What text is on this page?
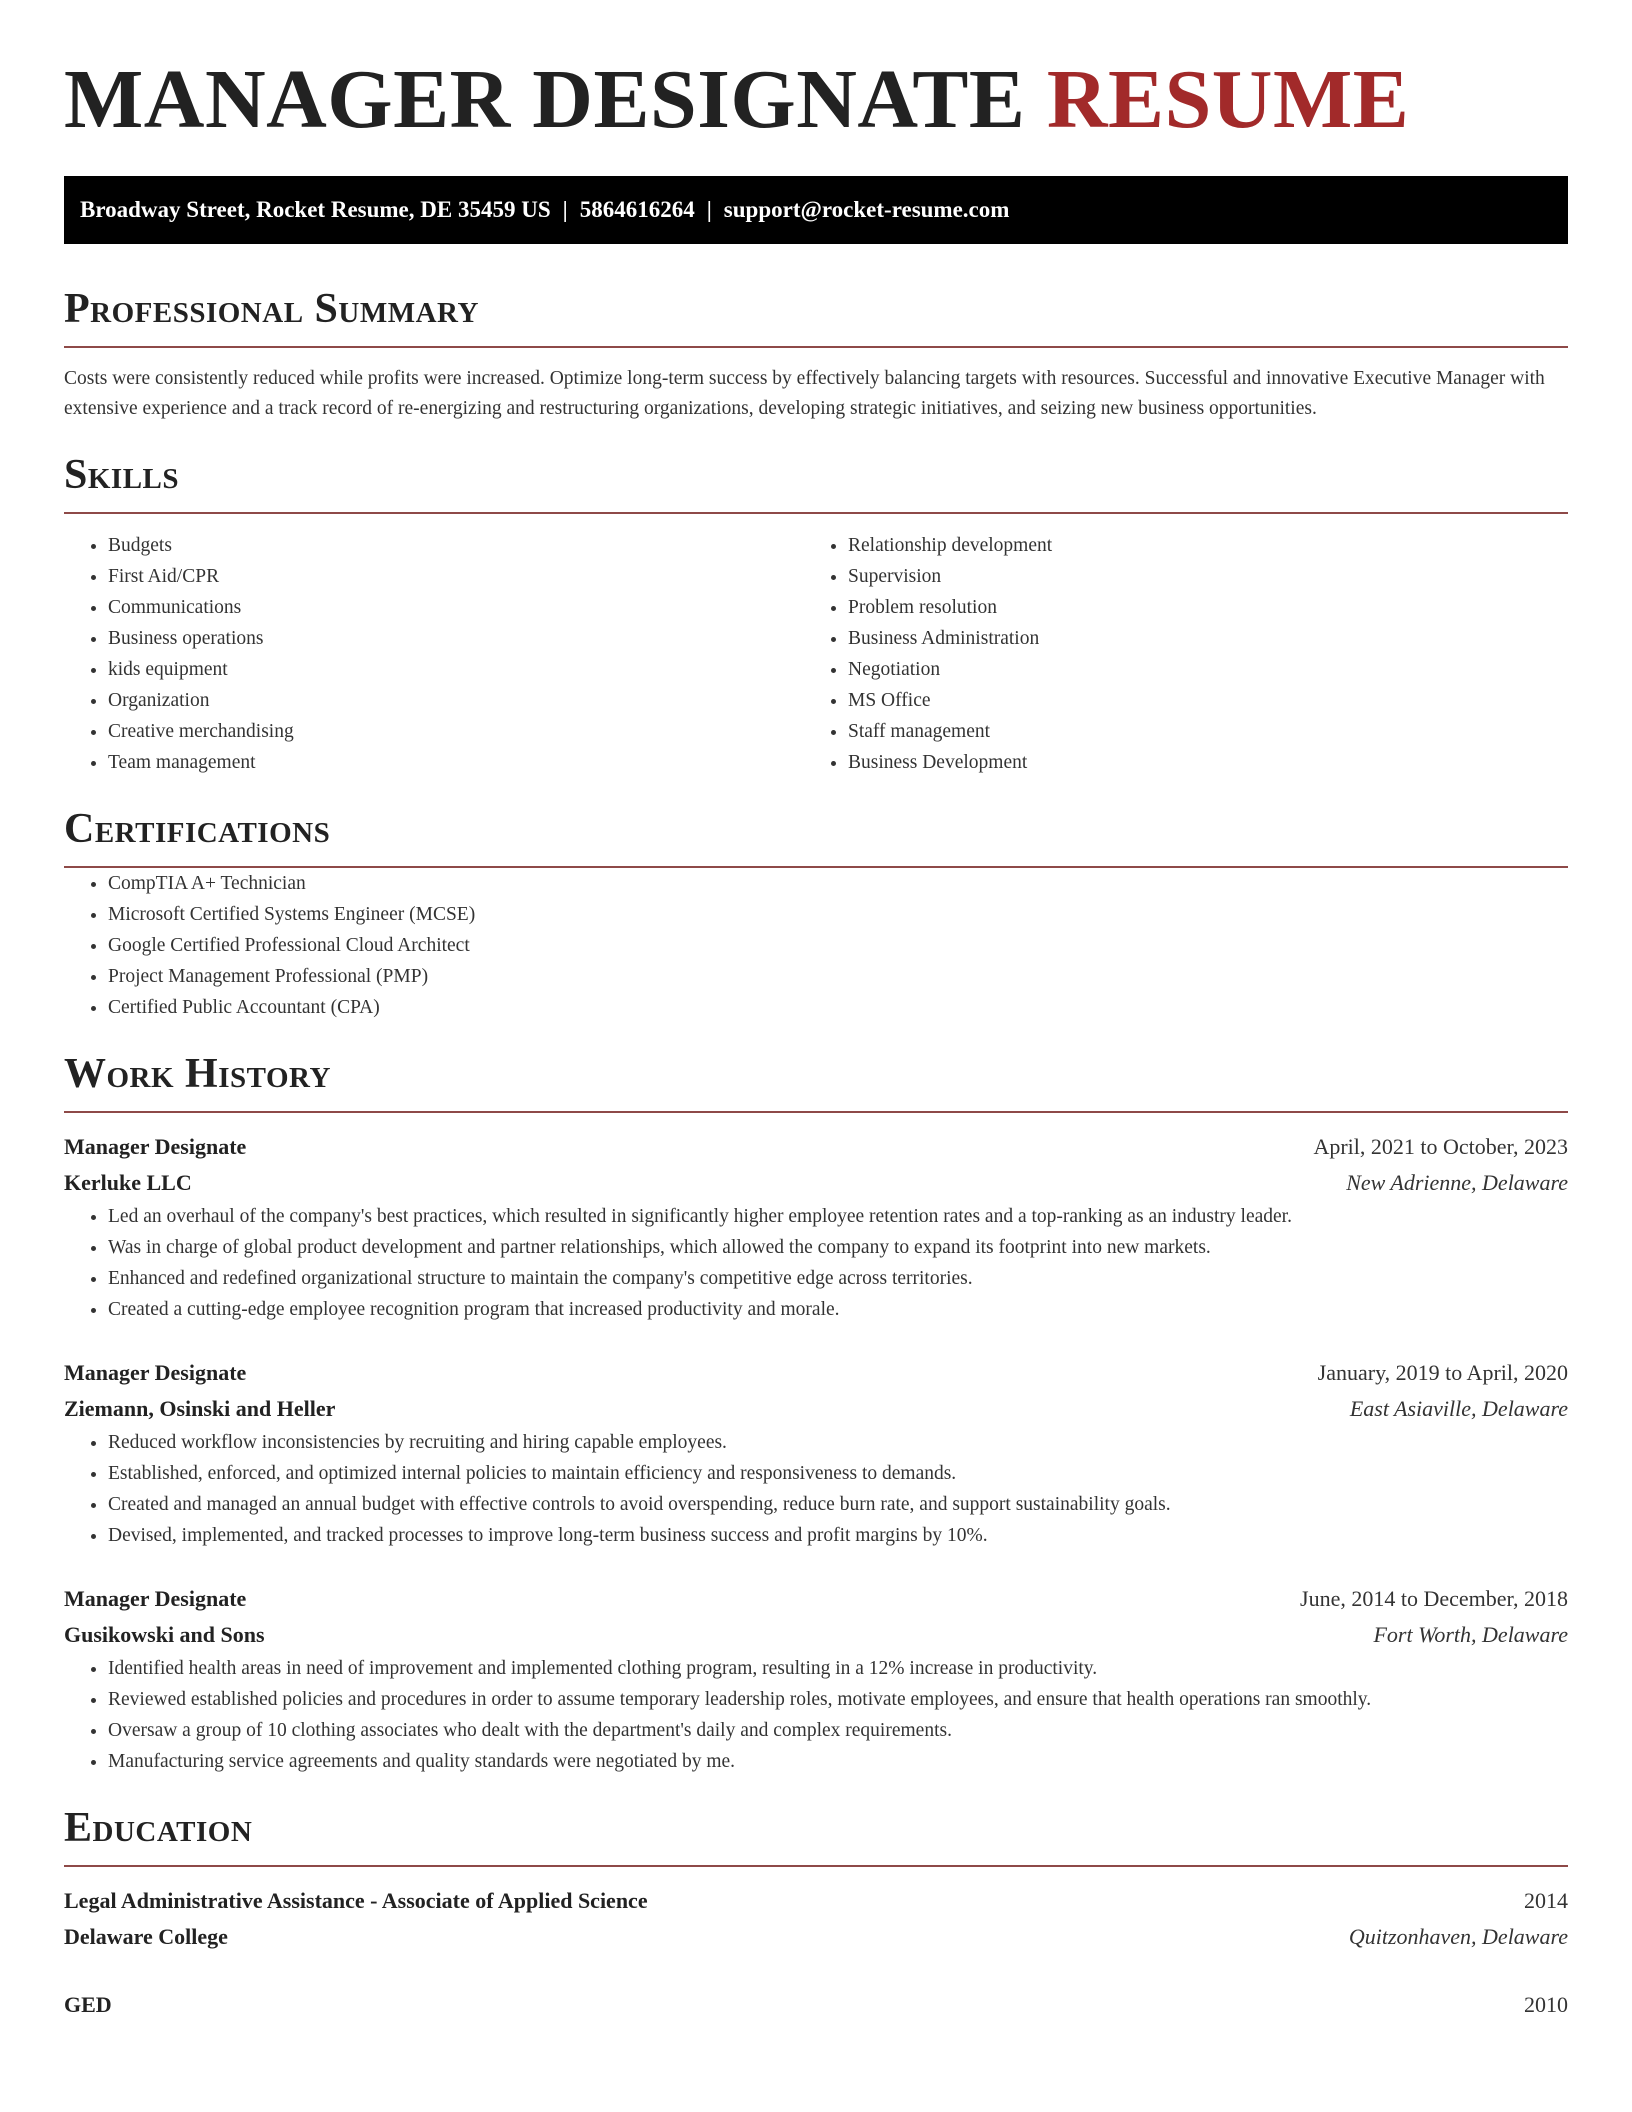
MANAGER DESIGNATE RESUME
Broadway Street, Rocket Resume, DE 35459 US | 5864616264 | support@rocket-resume.com
Professional Summary

Costs were consistently reduced while profits were increased. Optimize long-term success by effectively balancing targets with resources. Successful and innovative Executive Manager with extensive experience and a track record of re-energizing and restructuring organizations, developing strategic initiatives, and seizing new business opportunities.

Skills
• Budgets
• First Aid/CPR
• Communications
• Business operations
• kids equipment
• Organization
• Creative merchandising
• Team management
• Relationship development
• Supervision
• Problem resolution
• Business Administration
• Negotiation
• MS Office
• Staff management
• Business Development
Certifications
• CompTIA A+ Technician
• Microsoft Certified Systems Engineer (MCSE)
• Google Certified Professional Cloud Architect
• Project Management Professional (PMP)
• Certified Public Accountant (CPA)
Work History
Manager Designate	April, 2021 to October, 2023
Kerluke LLC	New Adrienne, Delaware
• Led an overhaul of the company's best practices, which resulted in significantly higher employee retention rates and a top-ranking as an industry leader.
• Was in charge of global product development and partner relationships, which allowed the company to expand its footprint into new markets.
• Enhanced and redefined organizational structure to maintain the company's competitive edge across territories.
• Created a cutting-edge employee recognition program that increased productivity and morale.
Manager Designate	January, 2019 to April, 2020
Ziemann, Osinski and Heller	East Asiaville, Delaware
• Reduced workflow inconsistencies by recruiting and hiring capable employees.
• Established, enforced, and optimized internal policies to maintain efficiency and responsiveness to demands.
• Created and managed an annual budget with effective controls to avoid overspending, reduce burn rate, and support sustainability goals.
• Devised, implemented, and tracked processes to improve long-term business success and profit margins by 10%.
Manager Designate	June, 2014 to December, 2018
Gusikowski and Sons	Fort Worth, Delaware
• Identified health areas in need of improvement and implemented clothing program, resulting in a 12% increase in productivity.
• Reviewed established policies and procedures in order to assume temporary leadership roles, motivate employees, and ensure that health operations ran smoothly.
• Oversaw a group of 10 clothing associates who dealt with the department's daily and complex requirements.
• Manufacturing service agreements and quality standards were negotiated by me.
Education
Legal Administrative Assistance - Associate of Applied Science	2014
Delaware College	Quitzonhaven, Delaware
GED	2010
